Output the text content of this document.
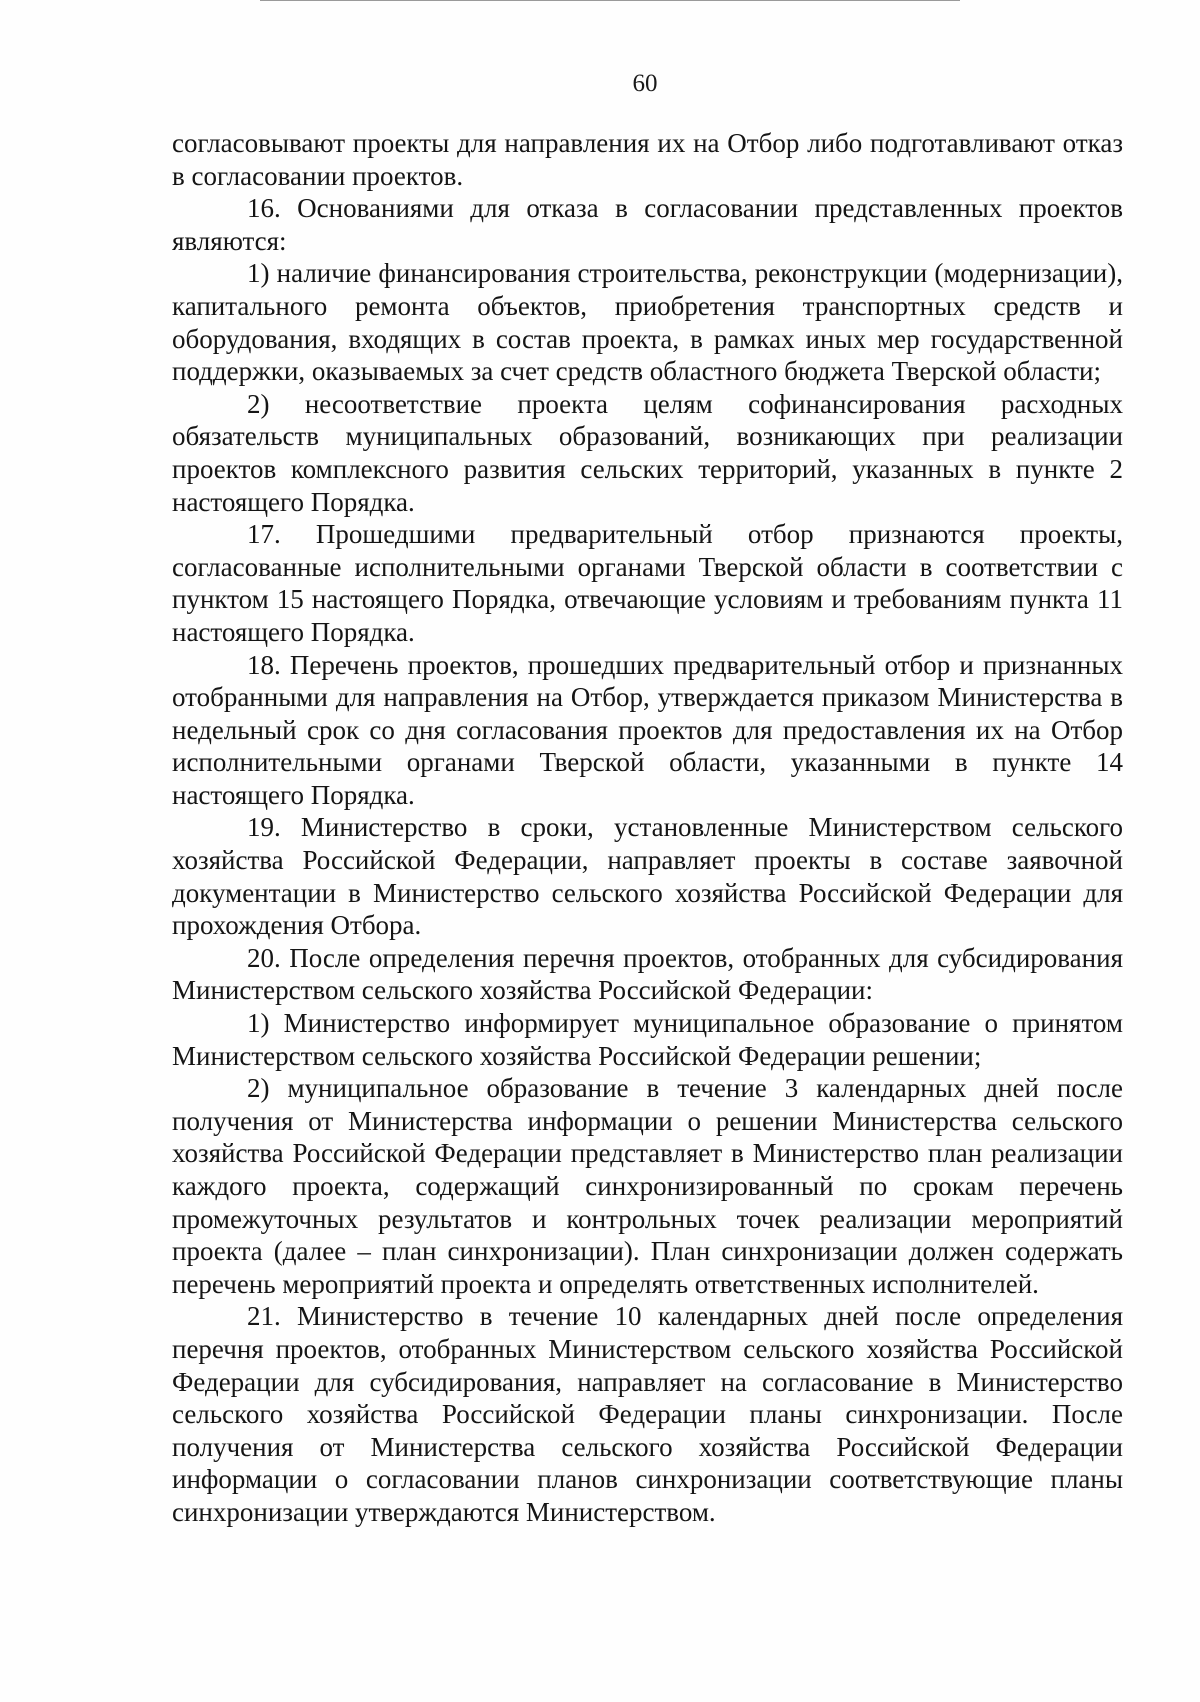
60

согласовывают проекты для направления их на Отбор либо подготавливают отказ в согласовании проектов.

16. Основаниями для отказа в согласовании представленных проектов являются:

1) наличие финансирования строительства, реконструкции (модернизации), капитального ремонта объектов, приобретения транспортных средств и оборудования, входящих в состав проекта, в рамках иных мер государственной поддержки, оказываемых за счет средств областного бюджета Тверской области;

2) несоответствие проекта целям софинансирования расходных обязательств муниципальных образований, возникающих при реализации проектов комплексного развития сельских территорий, указанных в пункте 2 настоящего Порядка.

17. Прошедшими предварительный отбор признаются проекты, согласованные исполнительными органами Тверской области в соответствии с пунктом 15 настоящего Порядка, отвечающие условиям и требованиям пункта 11 настоящего Порядка.

18. Перечень проектов, прошедших предварительный отбор и признанных отобранными для направления на Отбор, утверждается приказом Министерства в недельный срок со дня согласования проектов для предоставления их на Отбор исполнительными органами Тверской области, указанными в пункте 14 настоящего Порядка.

19. Министерство в сроки, установленные Министерством сельского хозяйства Российской Федерации, направляет проекты в составе заявочной документации в Министерство сельского хозяйства Российской Федерации для прохождения Отбора.

20. После определения перечня проектов, отобранных для субсидирования Министерством сельского хозяйства Российской Федерации:

1) Министерство информирует муниципальное образование о принятом Министерством сельского хозяйства Российской Федерации решении;

2) муниципальное образование в течение 3 календарных дней после получения от Министерства информации о решении Министерства сельского хозяйства Российской Федерации представляет в Министерство план реализации каждого проекта, содержащий синхронизированный по срокам перечень промежуточных результатов и контрольных точек реализации мероприятий проекта (далее – план синхронизации). План синхронизации должен содержать перечень мероприятий проекта и определять ответственных исполнителей.

21. Министерство в течение 10 календарных дней после определения перечня проектов, отобранных Министерством сельского хозяйства Российской Федерации для субсидирования, направляет на согласование в Министерство сельского хозяйства Российской Федерации планы синхронизации. После получения от Министерства сельского хозяйства Российской Федерации информации о согласовании планов синхронизации соответствующие планы синхронизации утверждаются Министерством.
